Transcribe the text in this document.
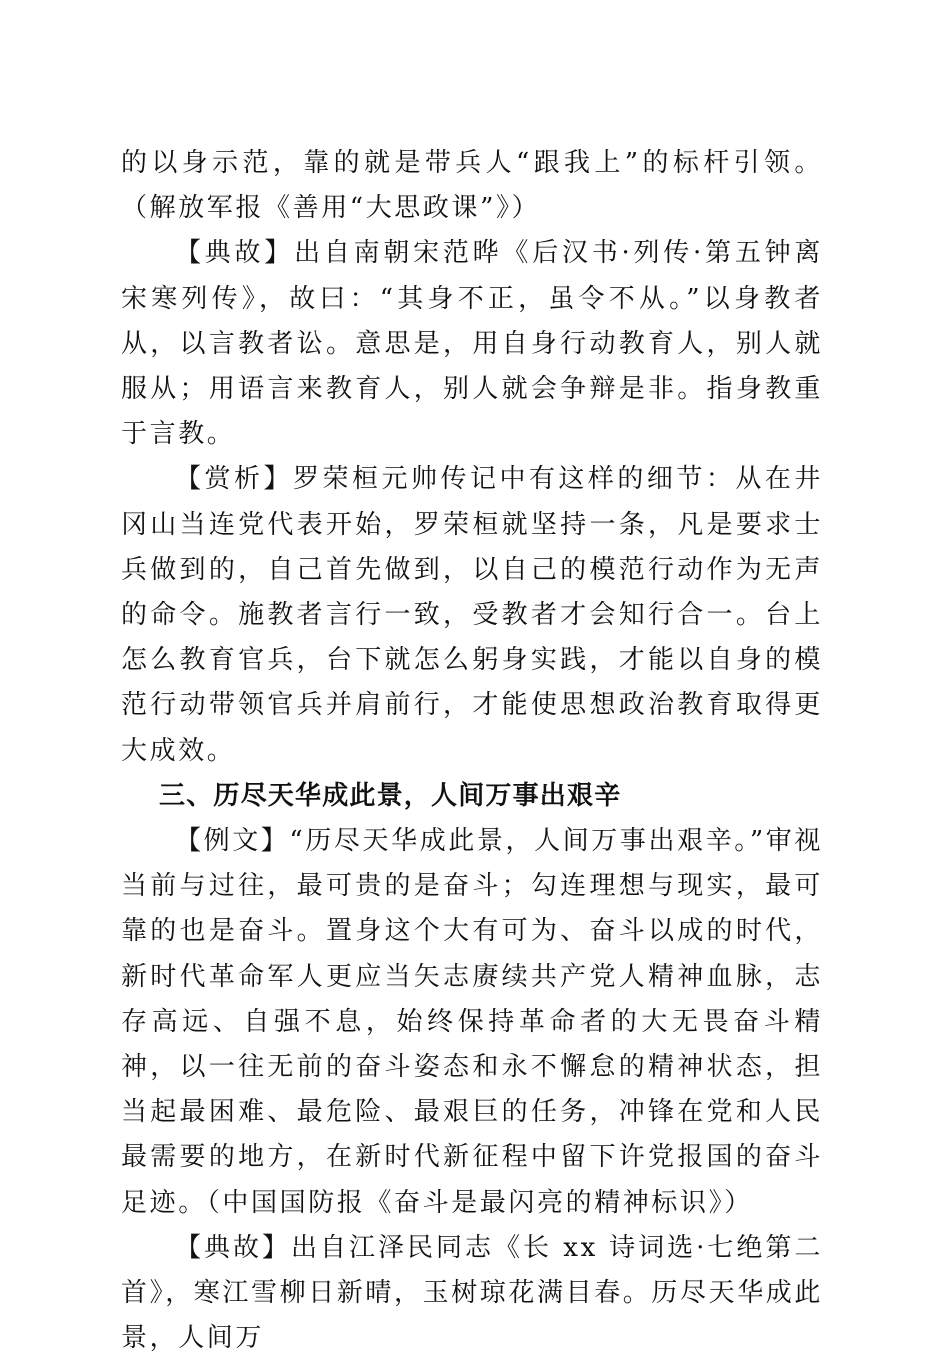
的以身示范，靠的就是带兵人“跟我上”的标杆引领。（解放军报《善用“大思政课”》）

【典故】出自南朝宋范晔《后汉书·列传·第五钟离宋寒列传》，故曰：“其身不正，虽令不从。”以身教者从，以言教者讼。意思是，用自身行动教育人，别人就服从；用语言来教育人，别人就会争辩是非。指身教重于言教。

【赏析】罗荣桓元帅传记中有这样的细节：从在井冈山当连党代表开始，罗荣桓就坚持一条，凡是要求士兵做到的，自己首先做到，以自己的模范行动作为无声的命令。施教者言行一致，受教者才会知行合一。台上怎么教育官兵，台下就怎么躬身实践，才能以自身的模范行动带领官兵并肩前行，才能使思想政治教育取得更大成效。

三、历尽天华成此景，人间万事出艰辛

【例文】“历尽天华成此景，人间万事出艰辛。”审视当前与过往，最可贵的是奋斗；勾连理想与现实，最可靠的也是奋斗。置身这个大有可为、奋斗以成的时代，新时代革命军人更应当矢志赓续共产党人精神血脉，志存高远、自强不息，始终保持革命者的大无畏奋斗精神，以一往无前的奋斗姿态和永不懈怠的精神状态，担当起最困难、最危险、最艰巨的任务，冲锋在党和人民最需要的地方，在新时代新征程中留下许党报国的奋斗足迹。（中国国防报《奋斗是最闪亮的精神标识》）

【典故】出自江泽民同志《长 xx 诗词选·七绝第二首》，寒江雪柳日新晴，玉树琼花满目春。历尽天华成此景，人间万
